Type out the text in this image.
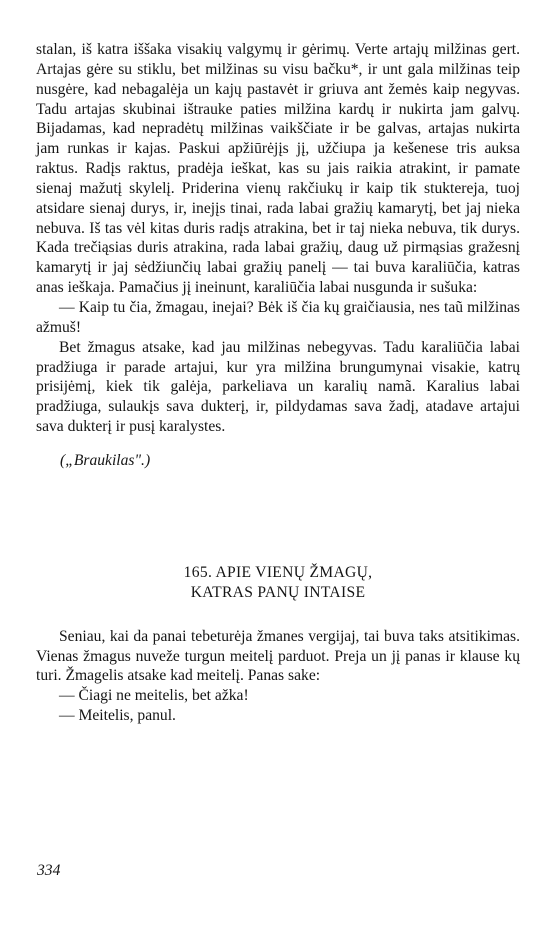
stalan, iš katra iššaka visakių valgymų ir gėrimų. Verte artajų milžinas gert. Artajas gėre su stiklu, bet milžinas su visu bačku*, ir unt gala milžinas teip nusgėre, kad nebagalėja un kajų pastavėt ir griuva ant žemės kaip negyvas. Tadu artajas skubinai ištrauke paties milžina kardų ir nukirta jam galvų. Bijadamas, kad nepradėtų milžinas vaikščiate ir be galvas, artajas nukirta jam runkas ir kajas. Paskui apžiūrėjįs jį, užčiupa ja kešenese tris auksa raktus. Radįs raktus, pradėja ieškat, kas su jais raikia atrakint, ir pamate sienaj mažutį skylelį. Priderina vienų rakčiukų ir kaip tik stuktereja, tuoj atsidare sienaj durys, ir, inejįs tinai, rada labai gražių kamarytį, bet jaj nieka nebuva. Iš tas vėl kitas duris radįs atrakina, bet ir taj nieka nebuva, tik durys. Kada trečiąsias duris atrakina, rada labai gražių, daug už pirmąsias gražesnį kamarytį ir jaj sėdžiunčių labai gražių panelį — tai buva karaliūčia, katras anas ieškaja. Pamačius jį ineinunt, karaliūčia labai nusgunda ir sušuka:

— Kaip tu čia, žmagau, inejai? Bėk iš čia kų graičiausia, nes taũ milžinas ažmuš!

Bet žmagus atsake, kad jau milžinas nebegyvas. Tadu karaliūčia labai pradžiuga ir parade artajui, kur yra milžina brungumynai visakie, katrų prisijėmį, kiek tik galėja, parkeliava un karalių namã. Karalius labai pradžiuga, sulaukįs sava dukterį, ir, pildydamas sava žadį, atadave artajui sava dukterį ir pusį karalystes.

(„Braukilas".)

165. APIE VIENŲ ŽMAGŲ,
KATRAS PANŲ INTAISE

Seniau, kai da panai tebeturėja žmanes vergijaj, tai buva taks atsitikimas. Vienas žmagus nuveže turgun meitelį parduot. Preja un jį panas ir klause kų turi. Žmagelis atsake kad meitelį. Panas sake:

— Čiagi ne meitelis, bet ažka!

— Meitelis, panul.

334
